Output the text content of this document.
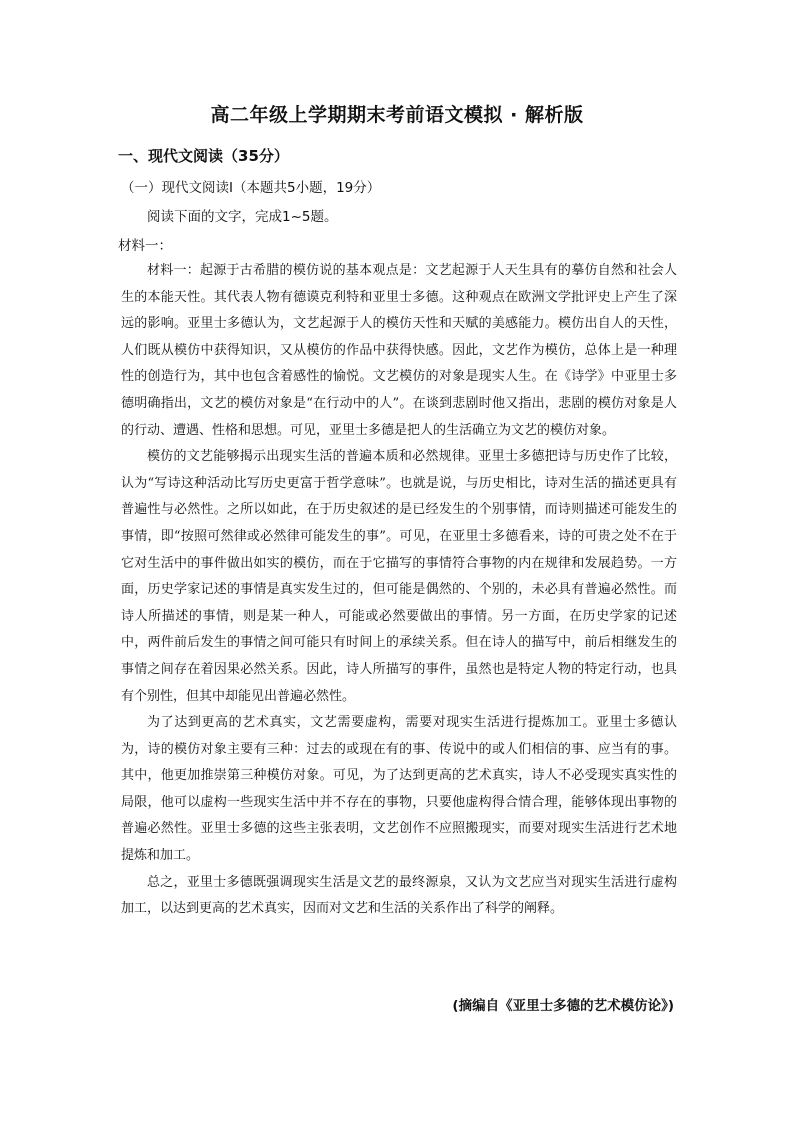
高二年级上学期期末考前语文模拟 · 解析版
一、现代文阅读（35分）
（一）现代文阅读Ⅰ（本题共5小题，19分）
阅读下面的文字，完成1~5题。
材料一：

材料一：起源于古希腊的模仿说的基本观点是：文艺起源于人天生具有的摹仿自然和社会人生的本能天性。其代表人物有德谟克利特和亚里士多德。这种观点在欧洲文学批评史上产生了深远的影响。亚里士多德认为，文艺起源于人的模仿天性和天赋的美感能力。模仿出自人的天性，人们既从模仿中获得知识，又从模仿的作品中获得快感。因此，文艺作为模仿，总体上是一种理性的创造行为，其中也包含着感性的愉悦。文艺模仿的对象是现实人生。在《诗学》中亚里士多德明确指出，文艺的模仿对象是“在行动中的人”。在谈到悲剧时他又指出，悲剧的模仿对象是人的行动、遭遇、性格和思想。可见，亚里士多德是把人的生活确立为文艺的模仿对象。

模仿的文艺能够揭示出现实生活的普遍本质和必然规律。亚里士多德把诗与历史作了比较，认为“写诗这种活动比写历史更富于哲学意味”。也就是说，与历史相比，诗对生活的描述更具有普遍性与必然性。之所以如此，在于历史叙述的是已经发生的个别事情，而诗则描述可能发生的事情，即“按照可然律或必然律可能发生的事”。可见，在亚里士多德看来，诗的可贵之处不在于它对生活中的事件做出如实的模仿，而在于它描写的事情符合事物的内在规律和发展趋势。一方面，历史学家记述的事情是真实发生过的，但可能是偶然的、个别的，未必具有普遍必然性。而诗人所描述的事情，则是某一种人，可能或必然要做出的事情。另一方面，在历史学家的记述中，两件前后发生的事情之间可能只有时间上的承续关系。但在诗人的描写中，前后相继发生的事情之间存在着因果必然关系。因此，诗人所描写的事件，虽然也是特定人物的特定行动，也具有个别性，但其中却能见出普遍必然性。

为了达到更高的艺术真实，文艺需要虚构，需要对现实生活进行提炼加工。亚里士多德认为，诗的模仿对象主要有三种：过去的或现在有的事、传说中的或人们相信的事、应当有的事。其中，他更加推崇第三种模仿对象。可见，为了达到更高的艺术真实，诗人不必受现实真实性的局限，他可以虚构一些现实生活中并不存在的事物，只要他虚构得合情合理，能够体现出事物的普遍必然性。亚里士多德的这些主张表明，文艺创作不应照搬现实，而要对现实生活进行艺术地提炼和加工。

总之，亚里士多德既强调现实生活是文艺的最终源泉，又认为文艺应当对现实生活进行虚构加工，以达到更高的艺术真实，因而对文艺和生活的关系作出了科学的阐释。

(摘编自《亚里士多德的艺术模仿论》)
